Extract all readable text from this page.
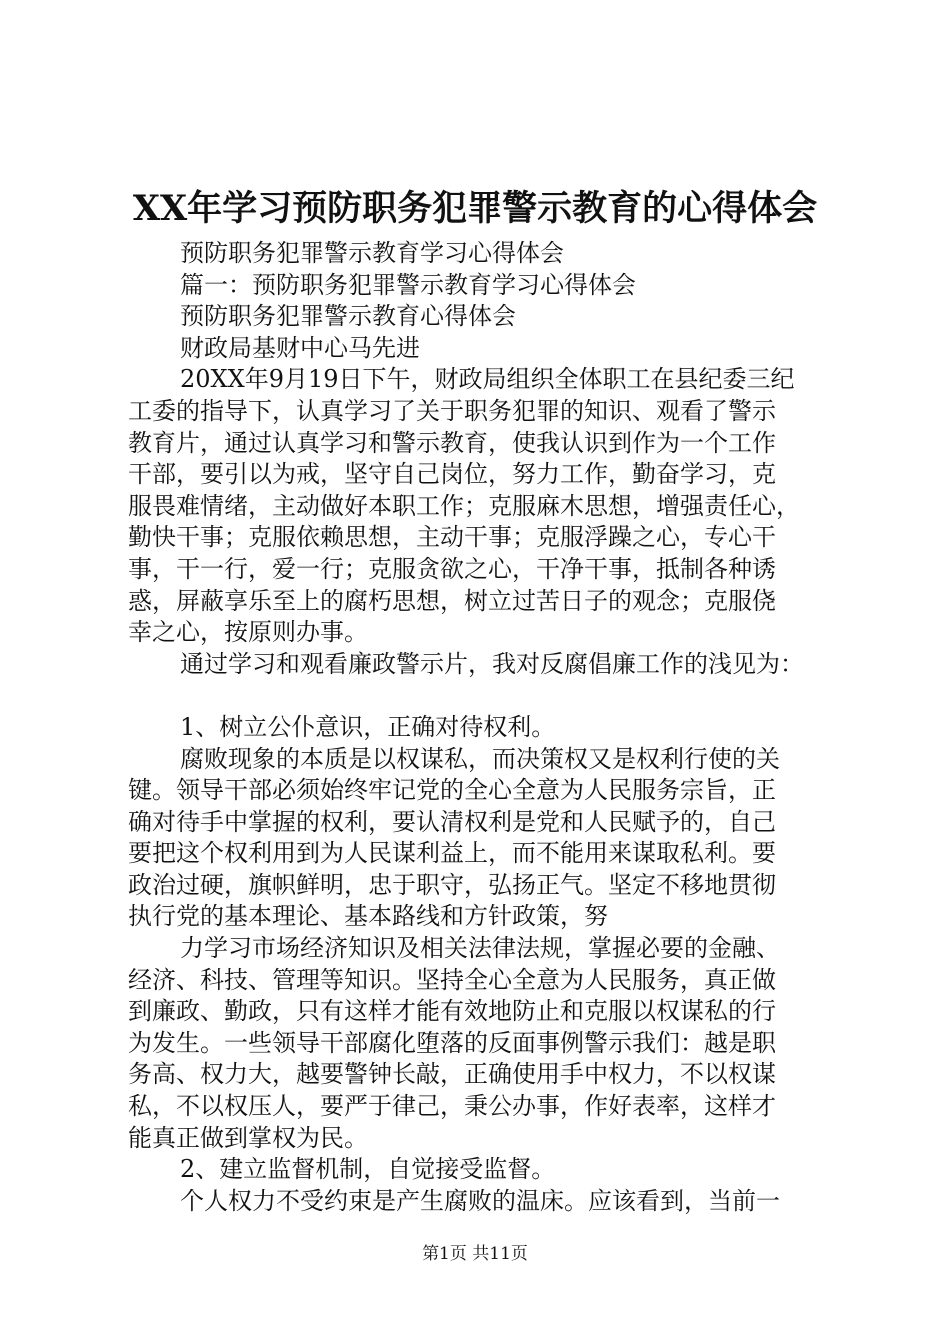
XX年学习预防职务犯罪警示教育的心得体会
预防职务犯罪警示教育学习心得体会
篇一：预防职务犯罪警示教育学习心得体会
预防职务犯罪警示教育心得体会
财政局基财中心马先进
20XX年9月19日下午，财政局组织全体职工在县纪委三纪
工委的指导下，认真学习了关于职务犯罪的知识、观看了警示
教育片，通过认真学习和警示教育，使我认识到作为一个工作
干部，要引以为戒，坚守自己岗位，努力工作，勤奋学习，克
服畏难情绪，主动做好本职工作；克服麻木思想，增强责任心，
勤快干事；克服依赖思想，主动干事；克服浮躁之心，专心干
事，干一行，爱一行；克服贪欲之心，干净干事，抵制各种诱
惑，屏蔽享乐至上的腐朽思想，树立过苦日子的观念；克服侥
幸之心，按原则办事。
通过学习和观看廉政警示片，我对反腐倡廉工作的浅见为：
1、树立公仆意识，正确对待权利。
腐败现象的本质是以权谋私，而决策权又是权利行使的关
键。领导干部必须始终牢记党的全心全意为人民服务宗旨，正
确对待手中掌握的权利，要认清权利是党和人民赋予的，自己
要把这个权利用到为人民谋利益上，而不能用来谋取私利。要
政治过硬，旗帜鲜明，忠于职守，弘扬正气。坚定不移地贯彻
执行党的基本理论、基本路线和方针政策，努
力学习市场经济知识及相关法律法规，掌握必要的金融、
经济、科技、管理等知识。坚持全心全意为人民服务，真正做
到廉政、勤政，只有这样才能有效地防止和克服以权谋私的行
为发生。一些领导干部腐化堕落的反面事例警示我们：越是职
务高、权力大，越要警钟长敲，正确使用手中权力，不以权谋
私，不以权压人，要严于律己，秉公办事，作好表率，这样才
能真正做到掌权为民。
2、建立监督机制，自觉接受监督。
个人权力不受约束是产生腐败的温床。应该看到，当前一
第1页 共11页
